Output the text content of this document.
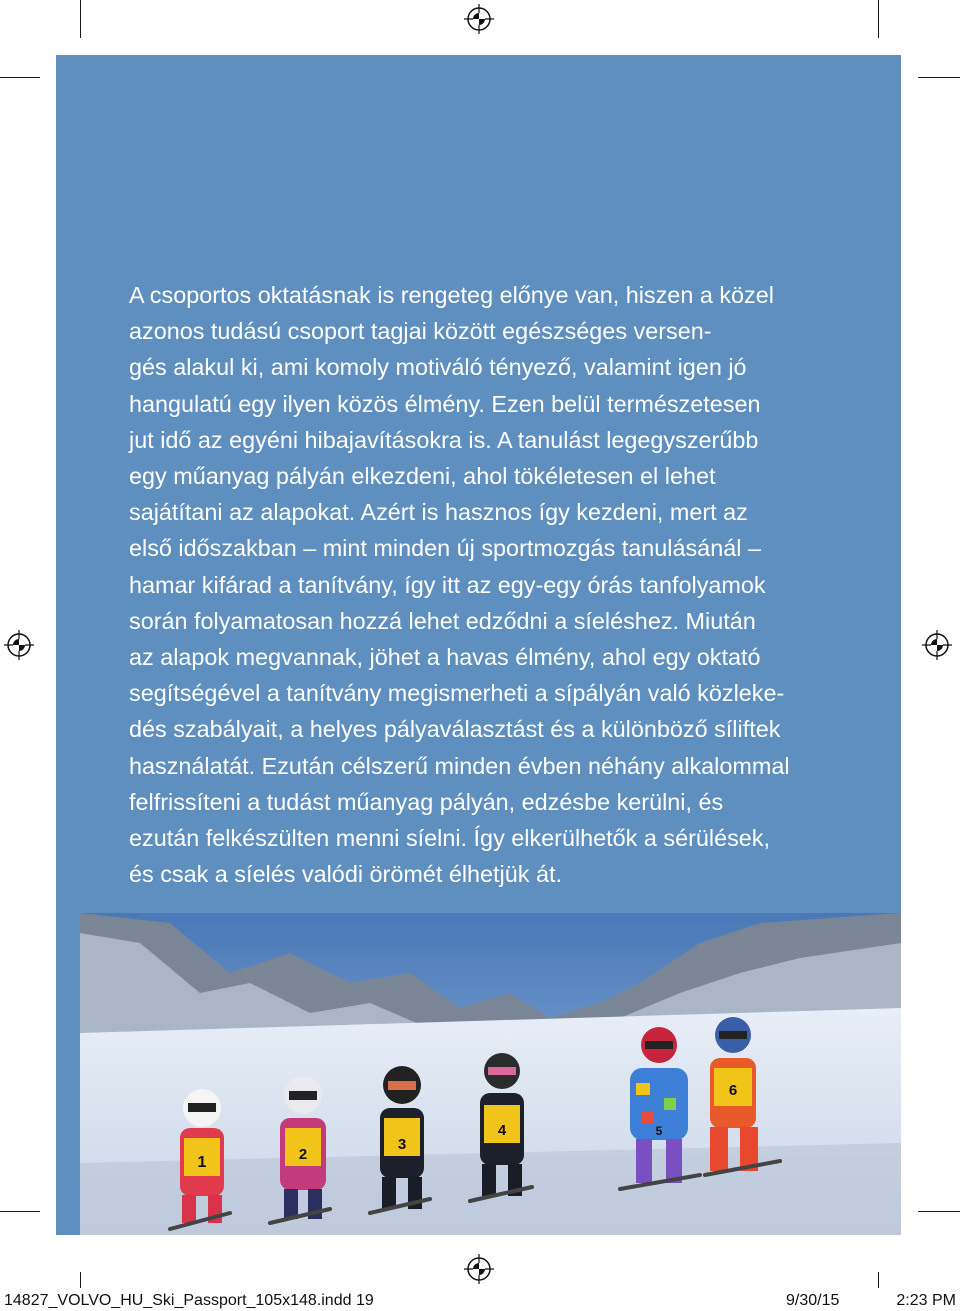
A csoportos oktatásnak is rengeteg előnye van, hiszen a közel
azonos tudású csoport tagjai között egészséges versen-
gés alakul ki, ami komoly motiváló tényező, valamint igen jó
hangulatú egy ilyen közös élmény. Ezen belül természetesen
jut idő az egyéni hibajavításokra is. A tanulást legegyszerűbb
egy műanyag pályán elkezdeni, ahol tökéletesen el lehet
sajátítani az alapokat. Azért is hasznos így kezdeni, mert az
első időszakban – mint minden új sportmozgás tanulásánál –
hamar kifárad a tanítvány, így itt az egy-egy órás tanfolyamok
során folyamatosan hozzá lehet edződni a síeléshez. Miután
az alapok megvannak, jöhet a havas élmény, ahol egy oktató
segítségével a tanítvány megismerheti a sípályán való közleke-
dés szabályait, a helyes pályaválasztást és a különböző síliftek
használatát. Ezután célszerű minden évben néhány alkalommal
felfrissíteni a tudást műanyag pályán, edzésbe kerülni, és
ezután felkészülten menni síelni. Így elkerülhetők a sérülések,
és csak a síelés valódi örömét élhetjük át.

1	2
3
4	5
6
14827_VOLVO_HU_Ski_Passport_105x148.indd 19	9/30/15	2:23 PM
